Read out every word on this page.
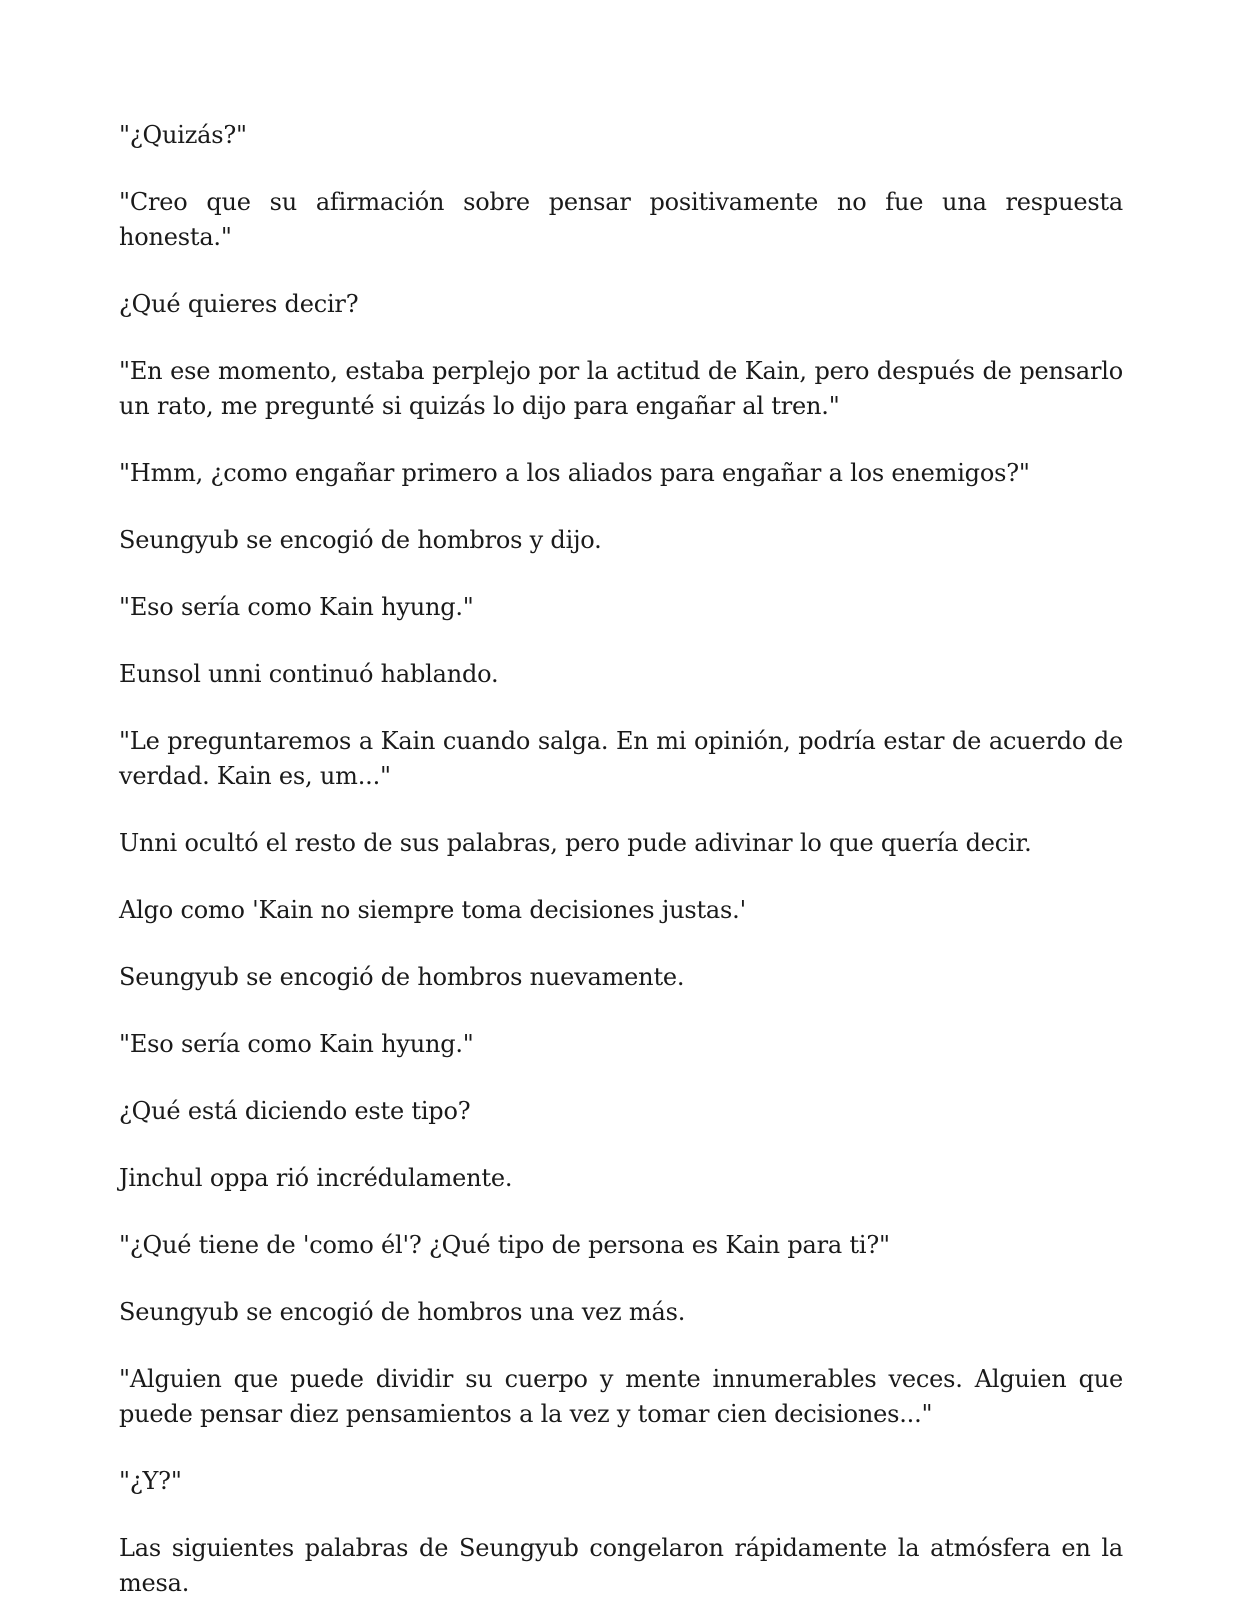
"¿Quizás?"

"Creo que su afirmación sobre pensar positivamente no fue una respuesta honesta."

¿Qué quieres decir?

"En ese momento, estaba perplejo por la actitud de Kain, pero después de pensarlo un rato, me pregunté si quizás lo dijo para engañar al tren."

"Hmm, ¿como engañar primero a los aliados para engañar a los enemigos?"

Seungyub se encogió de hombros y dijo.

"Eso sería como Kain hyung."

Eunsol unni continuó hablando.

"Le preguntaremos a Kain cuando salga. En mi opinión, podría estar de acuerdo de verdad. Kain es, um..."

Unni ocultó el resto de sus palabras, pero pude adivinar lo que quería decir.

Algo como 'Kain no siempre toma decisiones justas.'

Seungyub se encogió de hombros nuevamente.

"Eso sería como Kain hyung."

¿Qué está diciendo este tipo?

Jinchul oppa rió incrédulamente.

"¿Qué tiene de 'como él'? ¿Qué tipo de persona es Kain para ti?"

Seungyub se encogió de hombros una vez más.

"Alguien que puede dividir su cuerpo y mente innumerables veces. Alguien que puede pensar diez pensamientos a la vez y tomar cien decisiones..."

"¿Y?"

Las siguientes palabras de Seungyub congelaron rápidamente la atmósfera en la mesa.
